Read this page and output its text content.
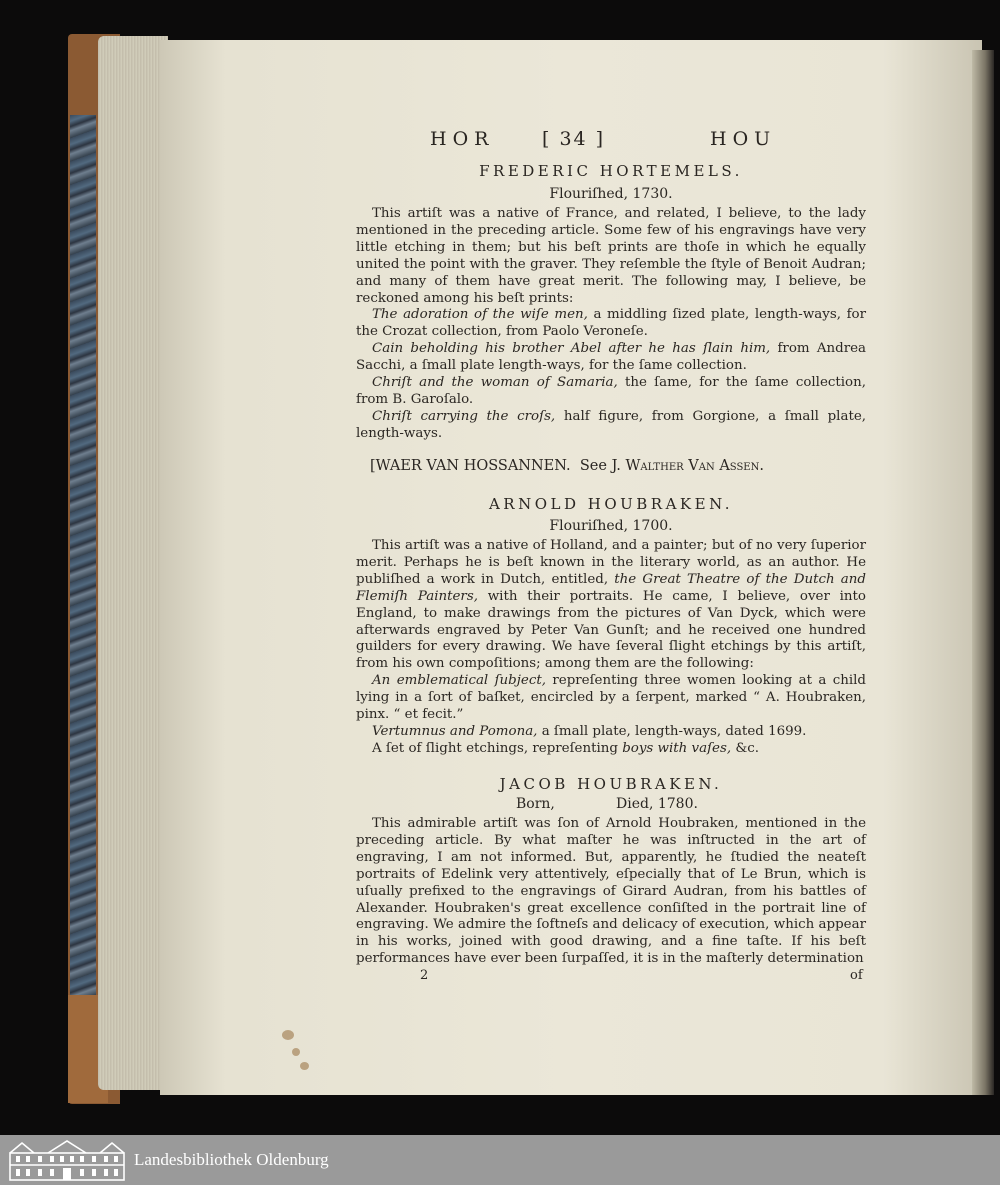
HOR	[ 34 ]	HOU
FREDERIC HORTEMELS.
Flouriſhed, 1730.

This artiſt was a native of France, and related, I believe, to the lady mentioned in the preceding article. Some few of his engravings have very little etching in them; but his beſt prints are thoſe in which he equally united the point with the graver. They reſemble the ſtyle of Benoit Audran; and many of them have great merit. The following may, I believe, be reckoned among his beſt prints:

The adoration of the wiſe men, a middling ſized plate, length-ways, for the Crozat collection, from Paolo Veroneſe.

Cain beholding his brother Abel after he has ſlain him, from Andrea Sacchi, a ſmall plate length-ways, for the ſame collection.

Chriſt and the woman of Samaria, the ſame, for the ſame collection, from B. Garoſalo.

Chriſt carrying the croſs, half figure, from Gorgione, a ſmall plate, length-ways.

[WAER VAN HOSSANNEN. See J. Walther Van Assen.
ARNOLD HOUBRAKEN.
Flouriſhed, 1700.

This artiſt was a native of Holland, and a painter; but of no very ſuperior merit. Perhaps he is beſt known in the literary world, as an author. He publiſhed a work in Dutch, entitled, the Great Theatre of the Dutch and Flemiſh Painters, with their portraits. He came, I believe, over into England, to make drawings from the pictures of Van Dyck, which were afterwards engraved by Peter Van Gunſt; and he received one hundred guilders for every drawing. We have ſeveral ſlight etchings by this artiſt, from his own compoſitions; among them are the following:

An emblematical ſubject, repreſenting three women looking at a child lying in a ſort of baſket, encircled by a ſerpent, marked “ A. Houbraken, pinx. “ et fecit.”

Vertumnus and Pomona, a ſmall plate, length-ways, dated 1699.

A ſet of ſlight etchings, repreſenting boys with vaſes, &c.

JACOB HOUBRAKEN.
Born,	Died, 1780.

This admirable artiſt was ſon of Arnold Houbraken, mentioned in the preceding article. By what maſter he was inſtructed in the art of engraving, I am not informed. But, apparently, he ſtudied the neateſt portraits of Edelink very attentively, eſpecially that of Le Brun, which is uſually prefixed to the engravings of Girard Audran, from his battles of Alexander. Houbraken's great excellence conſiſted in the portrait line of engraving. We admire the ſoftneſs and delicacy of execution, which appear in his works, joined with good drawing, and a fine taſte. If his beſt performances have ever been ſurpaſſed, it is in the maſterly determination

2	of
Landesbibliothek Oldenburg
